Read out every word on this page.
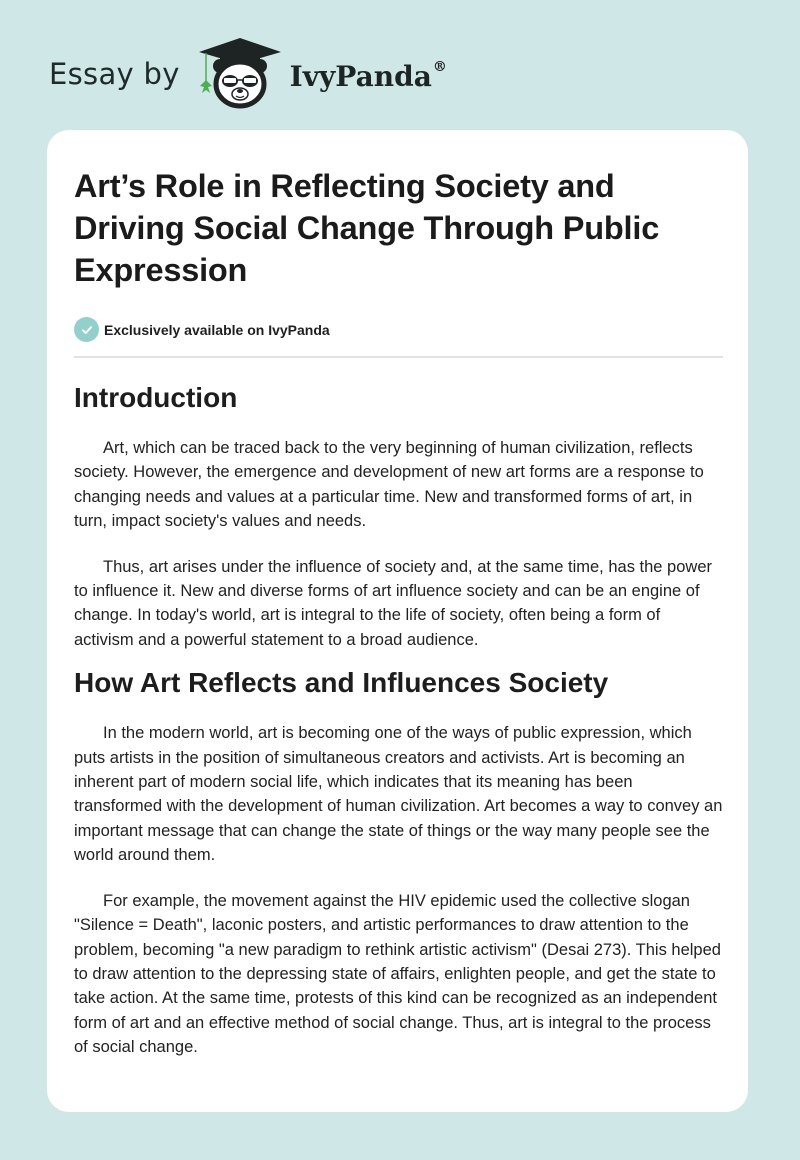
Essay by	IvyPanda®
Art’s Role in Reflecting Society and Driving Social Change Through Public Expression
Exclusively available on IvyPanda
Introduction

Art, which can be traced back to the very beginning of human civilization, reflects society. However, the emergence and development of new art forms are a response to changing needs and values at a particular time. New and transformed forms of art, in turn, impact society's values and needs.

Thus, art arises under the influence of society and, at the same time, has the power to influence it. New and diverse forms of art influence society and can be an engine of change. In today's world, art is integral to the life of society, often being a form of activism and a powerful statement to a broad audience.

How Art Reflects and Influences Society

In the modern world, art is becoming one of the ways of public expression, which puts artists in the position of simultaneous creators and activists. Art is becoming an inherent part of modern social life, which indicates that its meaning has been transformed with the development of human civilization. Art becomes a way to convey an important message that can change the state of things or the way many people see the world around them.

For example, the movement against the HIV epidemic used the collective slogan "Silence = Death", laconic posters, and artistic performances to draw attention to the problem, becoming "a new paradigm to rethink artistic activism" (Desai 273). This helped to draw attention to the depressing state of affairs, enlighten people, and get the state to take action. At the same time, protests of this kind can be recognized as an independent form of art and an effective method of social change. Thus, art is integral to the process of social change.
